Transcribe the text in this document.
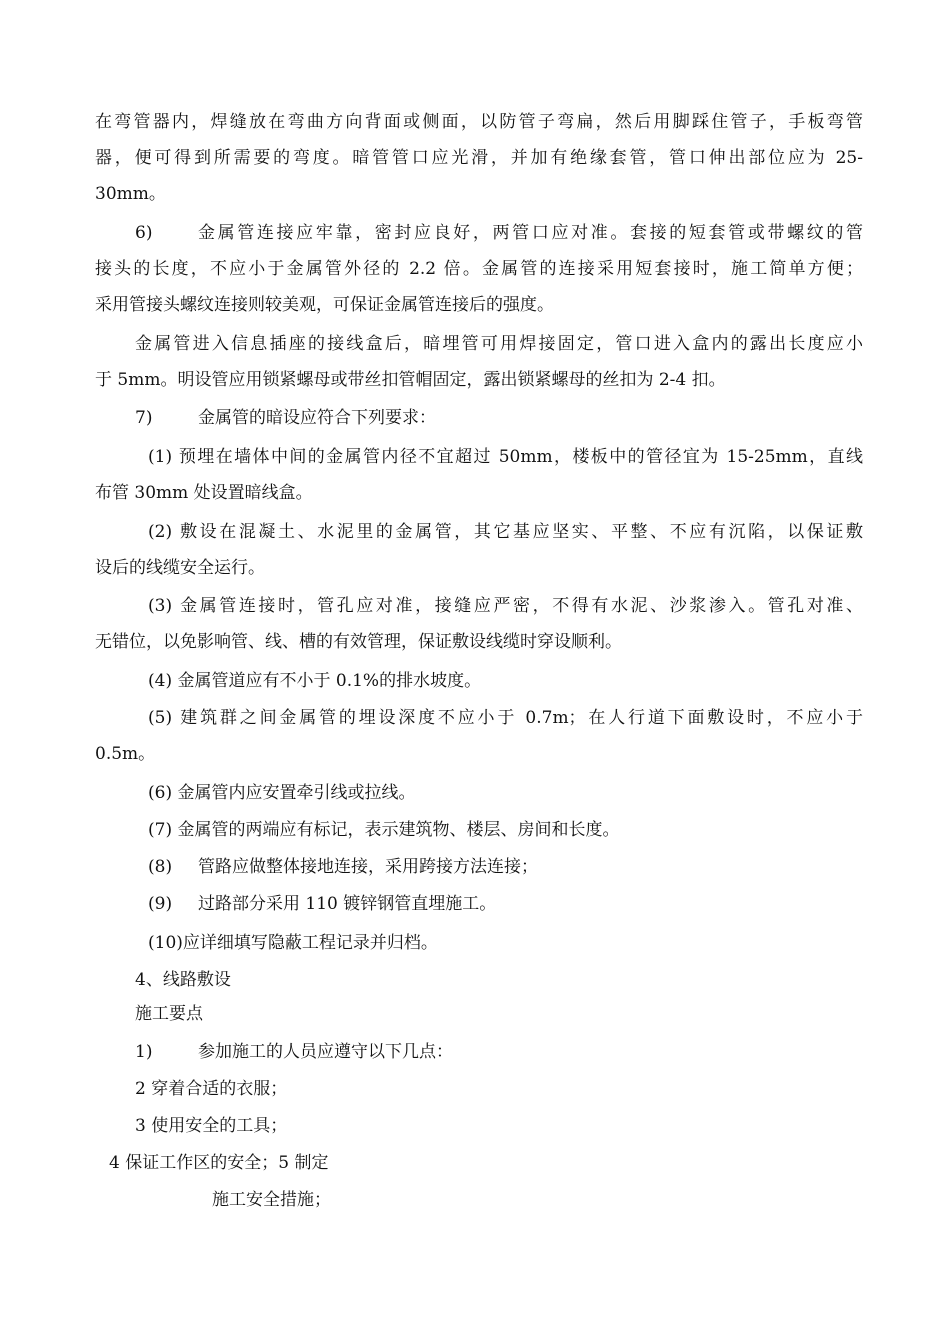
在弯管器内，焊缝放在弯曲方向背面或侧面，以防管子弯扁，然后用脚踩住管子，手板弯管
器，便可得到所需要的弯度。暗管管口应光滑，并加有绝缘套管，管口伸出部位应为 25-
30mm。
6)	金属管连接应牢靠，密封应良好，两管口应对准。套接的短套管或带螺纹的管
接头的长度，不应小于金属管外径的 2.2 倍。金属管的连接采用短套接时，施工简单方便；
采用管接头螺纹连接则较美观，可保证金属管连接后的强度。
金属管进入信息插座的接线盒后，暗埋管可用焊接固定，管口进入盒内的露出长度应小
于 5mm。明设管应用锁紧螺母或带丝扣管帽固定，露出锁紧螺母的丝扣为 2-4 扣。
7)	金属管的暗设应符合下列要求：
(1) 预埋在墙体中间的金属管内径不宜超过 50mm，楼板中的管径宜为 15-25mm，直线
布管 30mm 处设置暗线盒。
(2) 敷设在混凝土、水泥里的金属管，其它基应坚实、平整、不应有沉陷，以保证敷
设后的线缆安全运行。
(3) 金属管连接时，管孔应对准，接缝应严密，不得有水泥、沙浆渗入。管孔对准、
无错位，以免影响管、线、槽的有效管理，保证敷设线缆时穿设顺利。
(4) 金属管道应有不小于 0.1%的排水坡度。
(5) 建筑群之间金属管的埋设深度不应小于 0.7m；在人行道下面敷设时，不应小于
0.5m。
(6) 金属管内应安置牵引线或拉线。
(7) 金属管的两端应有标记，表示建筑物、楼层、房间和长度。
(8) 管路应做整体接地连接，采用跨接方法连接；
(9) 过路部分采用 110 镀锌钢管直埋施工。
(10)应详细填写隐蔽工程记录并归档。
4、线路敷设
施工要点
1)	参加施工的人员应遵守以下几点：
2 穿着合适的衣服；
3 使用安全的工具；
4 保证工作区的安全；5 制定
施工安全措施；
